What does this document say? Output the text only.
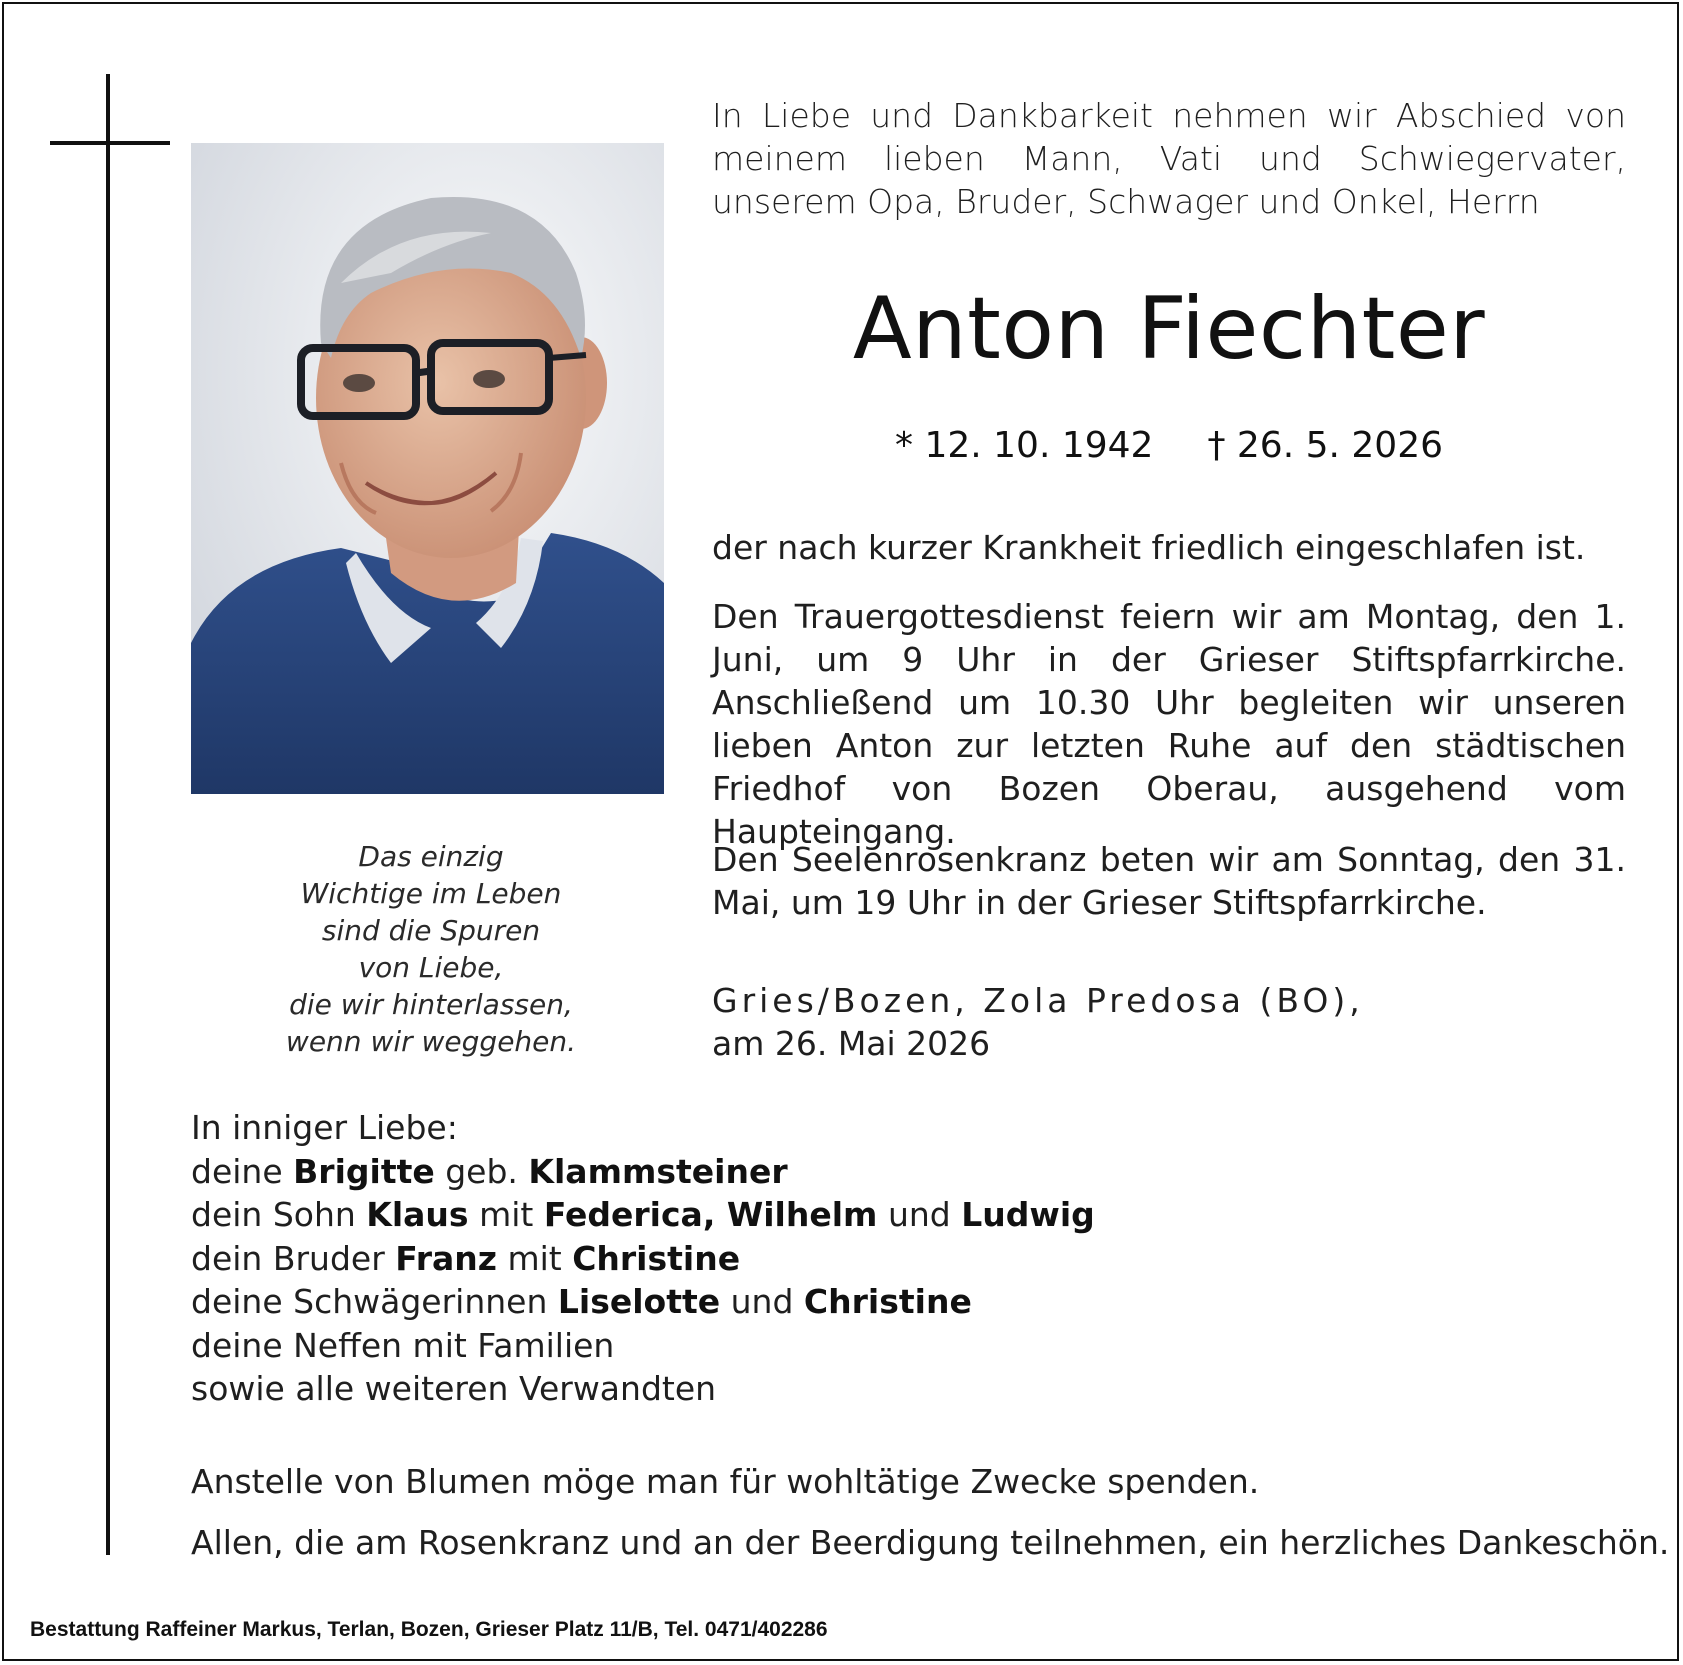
In Liebe und Dankbarkeit nehmen wir Abschied von meinem lieben Mann, Vati und Schwiegervater, unserem Opa, Bruder, Schwager und Onkel, Herrn
Anton Fiechter
* 12. 10. 1942 † 26. 5. 2026
der nach kurzer Krankheit friedlich eingeschlafen ist.
Den Trauergottesdienst feiern wir am Montag, den 1. Juni, um 9 Uhr in der Grieser Stiftspfarrkirche. Anschließend um 10.30 Uhr begleiten wir unseren lieben Anton zur letzten Ruhe auf den städtischen Friedhof von Bozen Oberau, ausgehend vom Haupteingang.
Den Seelenrosenkranz beten wir am Sonntag, den 31. Mai, um 19 Uhr in der Grieser Stiftspfarrkirche.
Gries/Bozen, Zola Predosa (BO),
am 26. Mai 2026
Das einzig
Wichtige im Leben
sind die Spuren
von Liebe,
die wir hinterlassen,
wenn wir weggehen.
In inniger Liebe:
deine Brigitte geb. Klammsteiner
dein Sohn Klaus mit Federica, Wilhelm und Ludwig
dein Bruder Franz mit Christine
deine Schwägerinnen Liselotte und Christine
deine Neffen mit Familien
sowie alle weiteren Verwandten
Anstelle von Blumen möge man für wohltätige Zwecke spenden.
Allen, die am Rosenkranz und an der Beerdigung teilnehmen, ein herzliches Dankeschön.
Bestattung Raffeiner Markus, Terlan, Bozen, Grieser Platz 11/B, Tel. 0471/402286
